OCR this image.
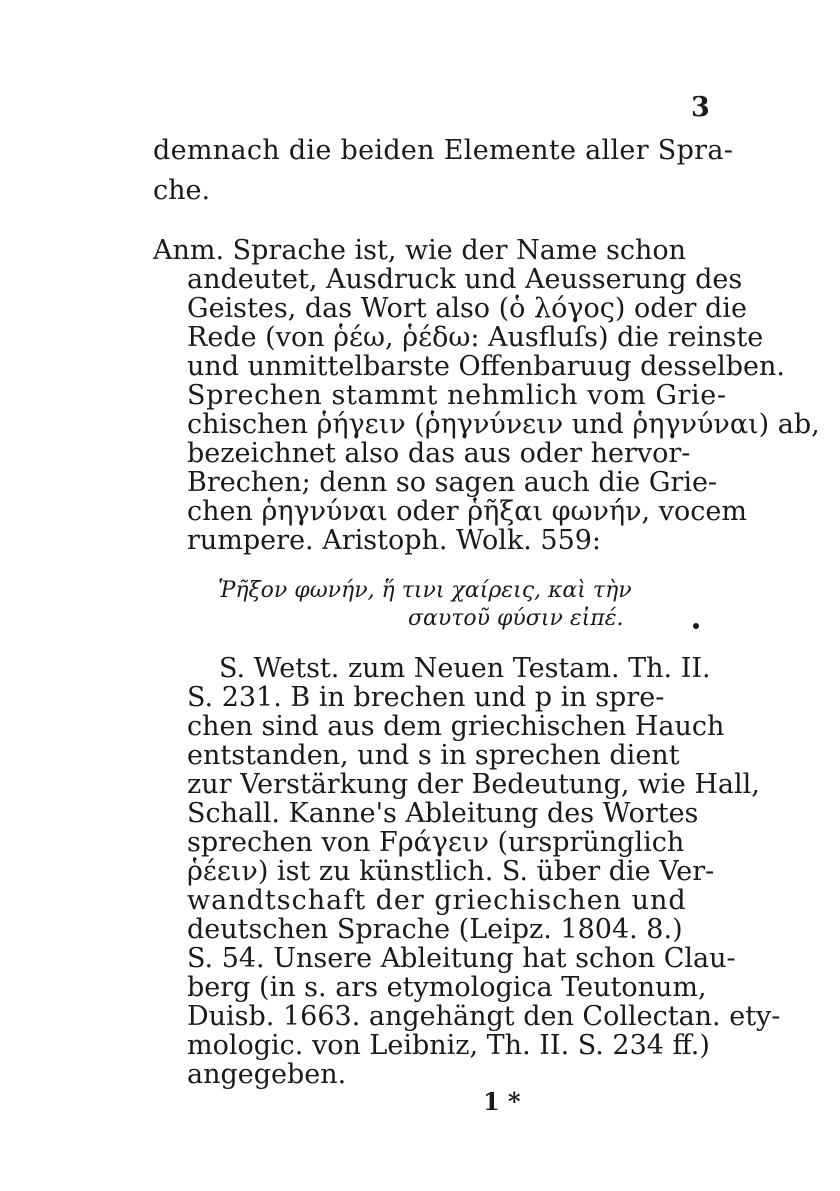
3
demnach die beiden Elemente aller Spra-
che.
Anm. Sprache ist, wie der Name schon
andeutet, Ausdruck und Aeusserung des
Geistes, das Wort also (ὁ λόγος) oder die
Rede (von ῥέω, ῥέδω: Ausfluſs) die reinste
und unmittelbarste Offenbaruug desselben.
Sprechen stammt nehmlich vom Grie-
chischen ῥήγειν (ῥηγνύνειν und ῥηγνύναι) ab,
bezeichnet also das aus oder hervor-
Brechen; denn so sagen auch die Grie-
chen ῥηγνύναι oder ῥῆξαι φωνήν, vocem
rumpere. Aristoph. Wolk. 559:
Ῥῆξον φωνήν, ἥ τινι χαίρεις, καὶ τὴν
σαυτοῦ φύσιν εἰπέ.
S. Wetst. zum Neuen Testam. Th. II.
S. 231. B in brechen und p in spre-
chen sind aus dem griechischen Hauch
entstanden, und s in sprechen dient
zur Verstärkung der Bedeutung, wie Hall,
Schall. Kanne's Ableitung des Wortes
sprechen von Fράγειν (ursprünglich
ῥέειν) ist zu künstlich. S. über die Ver-
wandtschaft der griechischen und
deutschen Sprache (Leipz. 1804. 8.)
S. 54. Unsere Ableitung hat schon Clau-
berg (in s. ars etymologica Teutonum,
Duisb. 1663. angehängt den Collectan. ety-
mologic. von Leibniz, Th. II. S. 234 ff.)
angegeben.
1 *
